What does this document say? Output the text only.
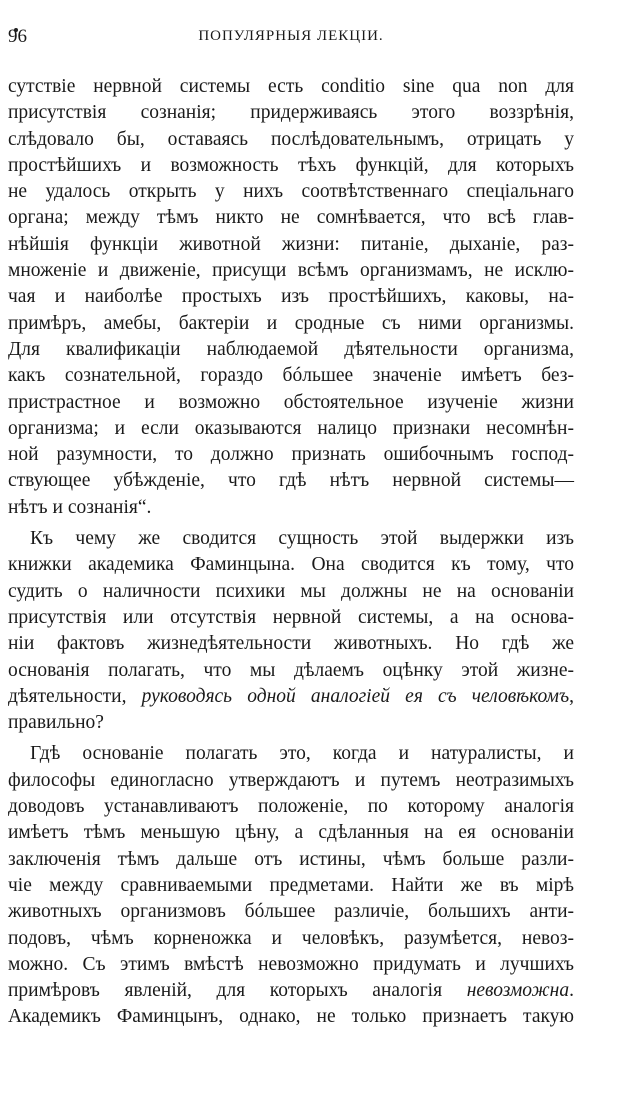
96	ПОПУЛЯРНЫЯ ЛЕКЦIИ.
сутствiе нервной системы есть conditio sine qua non для
присутствiя сознанiя; придерживаясь этого воззрѣнiя,
слѣдовало бы, оставаясь послѣдовательнымъ, отрицать у
простѣйшихъ и возможность тѣхъ функцiй, для которыхъ
не удалось открыть у нихъ соотвѣтственнаго спецiальнаго
органа; между тѣмъ никто не сомнѣвается, что всѣ глав-
нѣйшiя функцiи животной жизни: питанiе, дыханiе, раз-
множенiе и движенiе, присущи всѣмъ организмамъ, не исклю-
чая и наиболѣе простыхъ изъ простѣйшихъ, каковы, на-
примѣръ, амебы, бактерiи и сродные съ ними организмы.
Для квалификацiи наблюдаемой дѣятельности организма,
какъ сознательной, гораздо бóльшее значенiе имѣетъ без-
пристрастное и возможно обстоятельное изученiе жизни
организма; и если оказываются налицо признаки несомнѣн-
ной разумности, то должно признать ошибочнымъ господ-
ствующее убѣжденiе, что гдѣ нѣтъ нервной системы—
нѣтъ и сознанiя“.
Къ чему же сводится сущность этой выдержки изъ
книжки академика Фаминцына. Она сводится къ тому, что
судить о наличности психики мы должны не на основанiи
присутствiя или отсутствiя нервной системы, а на основа-
нiи фактовъ жизнедѣятельности животныхъ. Но гдѣ же
основанiя полагать, что мы дѣлаемъ оцѣнку этой жизне-
дѣятельности, руководясь одной аналогiей ея съ человѣкомъ,
правильно?
Гдѣ основанiе полагать это, когда и натуралисты, и
философы единогласно утверждаютъ и путемъ неотразимыхъ
доводовъ устанавливаютъ положенiе, по которому аналогiя
имѣетъ тѣмъ меньшую цѣну, а сдѣланныя на ея основанiи
заключенiя тѣмъ дальше отъ истины, чѣмъ больше разли-
чiе между сравниваемыми предметами. Найти же въ мiрѣ
животныхъ организмовъ бóльшее различiе, большихъ анти-
подовъ, чѣмъ корненожка и человѣкъ, разумѣется, невоз-
можно. Съ этимъ вмѣстѣ невозможно придумать и лучшихъ
примѣровъ явленiй, для которыхъ аналогiя невозможна.
Академикъ Фаминцынъ, однако, не только признаетъ такую
